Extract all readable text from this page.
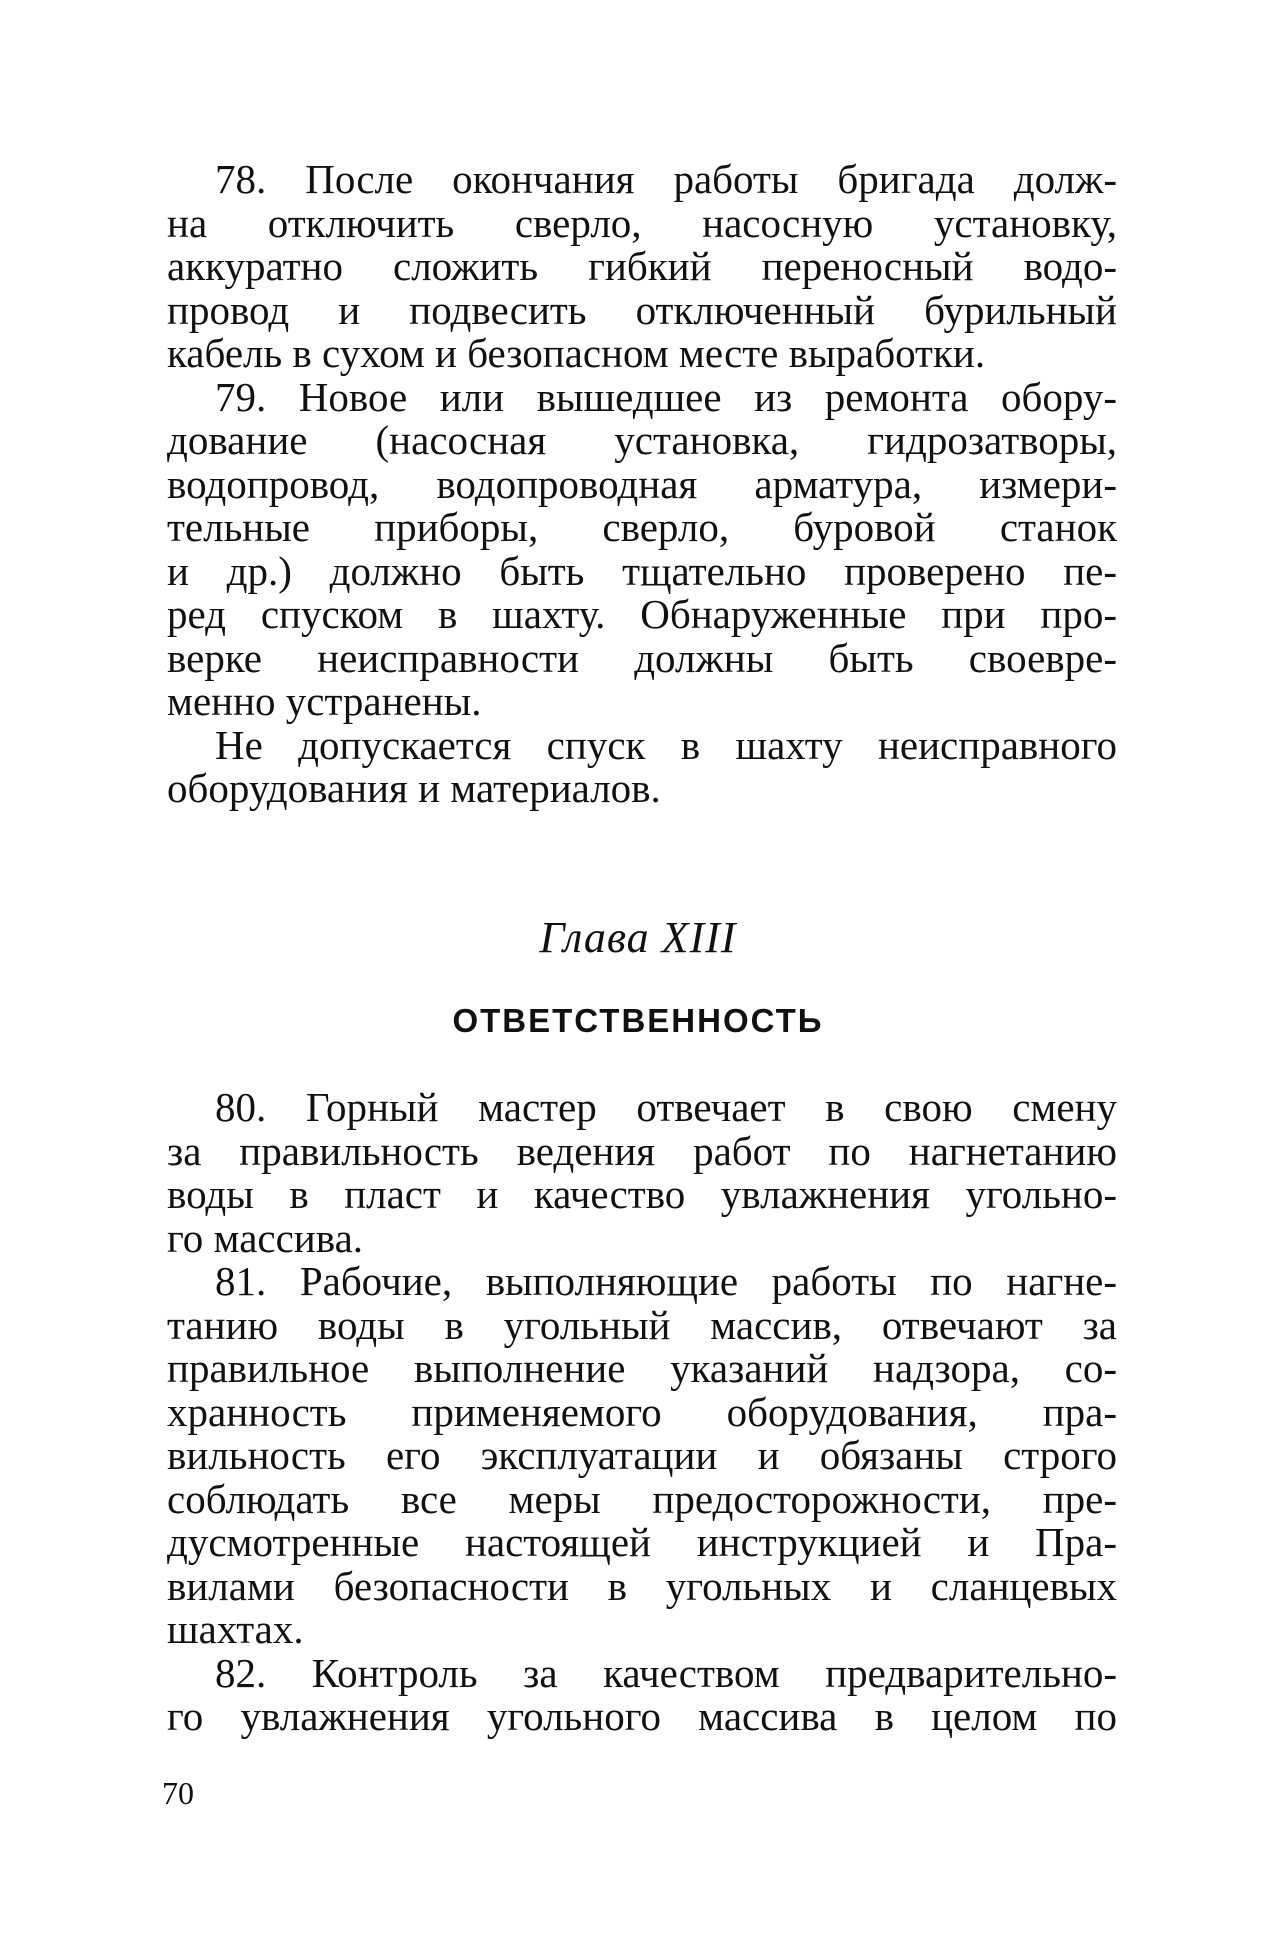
78. После окончания работы бригада долж-
на отключить сверло, насосную установку,
аккуратно сложить гибкий переносный водо-
провод и подвесить отключенный бурильный
кабель в сухом и безопасном месте выработки.
79. Новое или вышедшее из ремонта обору-
дование (насосная установка, гидрозатворы,
водопровод, водопроводная арматура, измери-
тельные приборы, сверло, буровой станок
и др.) должно быть тщательно проверено пе-
ред спуском в шахту. Обнаруженные при про-
верке неисправности должны быть своевре-
менно устранены.
Не допускается спуск в шахту неисправного
оборудования и материалов.
Глава XIII
ОТВЕТСТВЕННОСТЬ
80. Горный мастер отвечает в свою смену
за правильность ведения работ по нагнетанию
воды в пласт и качество увлажнения угольно-
го массива.
81. Рабочие, выполняющие работы по нагне-
танию воды в угольный массив, отвечают за
правильное выполнение указаний надзора, со-
хранность применяемого оборудования, пра-
вильность его эксплуатации и обязаны строго
соблюдать все меры предосторожности, пре-
дусмотренные настоящей инструкцией и Пра-
вилами безопасности в угольных и сланцевых
шахтах.
82. Контроль за качеством предварительно-
го увлажнения угольного массива в целом по
70
